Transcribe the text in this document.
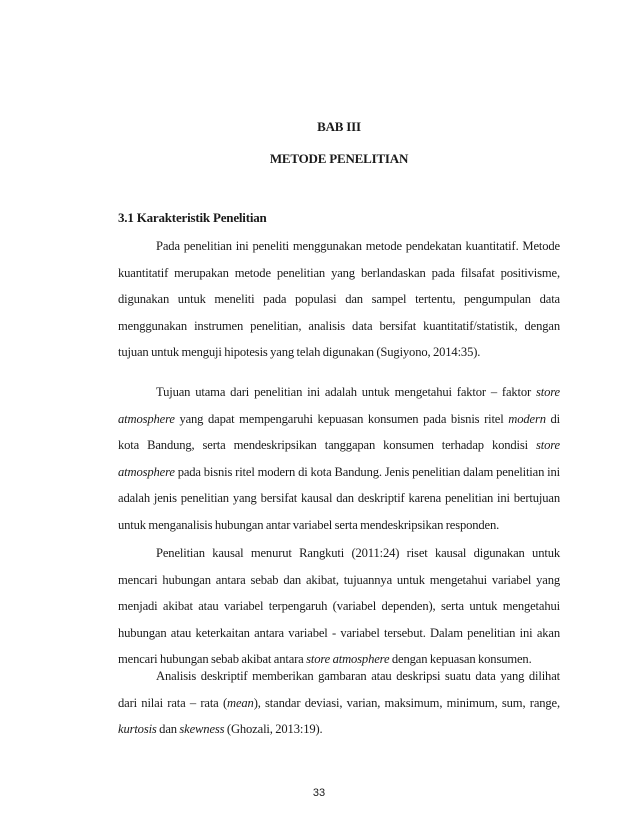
BAB III
METODE PENELITIAN
3.1 Karakteristik Penelitian

Pada penelitian ini peneliti menggunakan metode pendekatan kuantitatif. Metode kuantitatif merupakan metode penelitian yang berlandaskan pada filsafat positivisme, digunakan untuk meneliti pada populasi dan sampel tertentu, pengumpulan data menggunakan instrumen penelitian, analisis data bersifat kuantitatif/statistik, dengan tujuan untuk menguji hipotesis yang telah digunakan (Sugiyono, 2014:35).

Tujuan utama dari penelitian ini adalah untuk mengetahui faktor – faktor store atmosphere yang dapat mempengaruhi kepuasan konsumen pada bisnis ritel modern di kota Bandung, serta mendeskripsikan tanggapan konsumen terhadap kondisi store atmosphere pada bisnis ritel modern di kota Bandung. Jenis penelitian dalam penelitian ini adalah jenis penelitian yang bersifat kausal dan deskriptif karena penelitian ini bertujuan untuk menganalisis hubungan antar variabel serta mendeskripsikan responden.

Penelitian kausal menurut Rangkuti (2011:24) riset kausal digunakan untuk mencari hubungan antara sebab dan akibat, tujuannya untuk mengetahui variabel yang menjadi akibat atau variabel terpengaruh (variabel dependen), serta untuk mengetahui hubungan atau keterkaitan antara variabel - variabel tersebut. Dalam penelitian ini akan mencari hubungan sebab akibat antara store atmosphere dengan kepuasan konsumen.

Analisis deskriptif memberikan gambaran atau deskripsi suatu data yang dilihat dari nilai rata – rata (mean), standar deviasi, varian, maksimum, minimum, sum, range, kurtosis dan skewness (Ghozali, 2013:19).

33
